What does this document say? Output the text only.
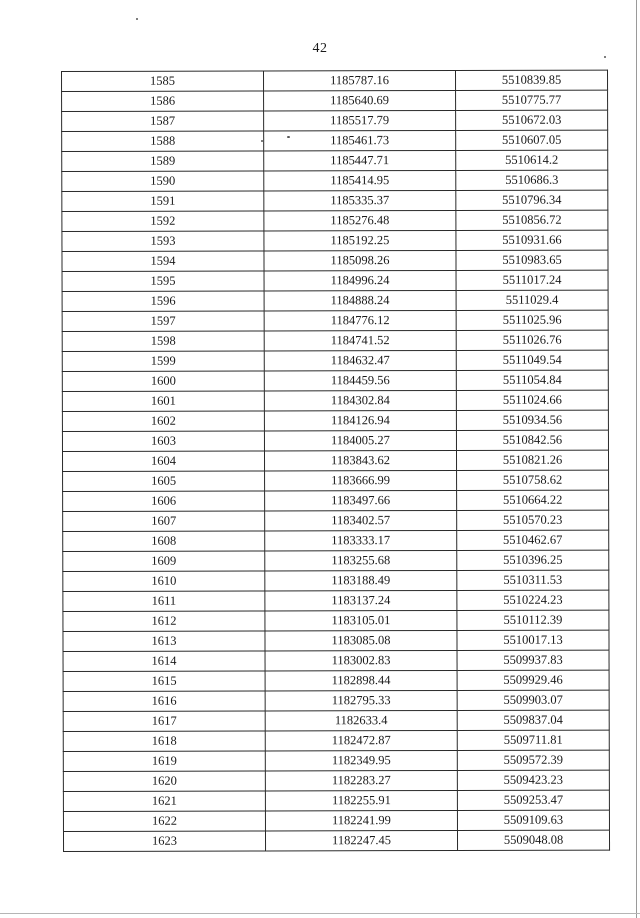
42
1585	1185787.16	5510839.85
1586	1185640.69	5510775.77
1587	1185517.79	5510672.03
1588	1185461.73	5510607.05
1589	1185447.71	5510614.2
1590	1185414.95	5510686.3
1591	1185335.37	5510796.34
1592	1185276.48	5510856.72
1593	1185192.25	5510931.66
1594	1185098.26	5510983.65
1595	1184996.24	5511017.24
1596	1184888.24	5511029.4
1597	1184776.12	5511025.96
1598	1184741.52	5511026.76
1599	1184632.47	5511049.54
1600	1184459.56	5511054.84
1601	1184302.84	5511024.66
1602	1184126.94	5510934.56
1603	1184005.27	5510842.56
1604	1183843.62	5510821.26
1605	1183666.99	5510758.62
1606	1183497.66	5510664.22
1607	1183402.57	5510570.23
1608	1183333.17	5510462.67
1609	1183255.68	5510396.25
1610	1183188.49	5510311.53
1611	1183137.24	5510224.23
1612	1183105.01	5510112.39
1613	1183085.08	5510017.13
1614	1183002.83	5509937.83
1615	1182898.44	5509929.46
1616	1182795.33	5509903.07
1617	1182633.4	5509837.04
1618	1182472.87	5509711.81
1619	1182349.95	5509572.39
1620	1182283.27	5509423.23
1621	1182255.91	5509253.47
1622	1182241.99	5509109.63
1623	1182247.45	5509048.08
